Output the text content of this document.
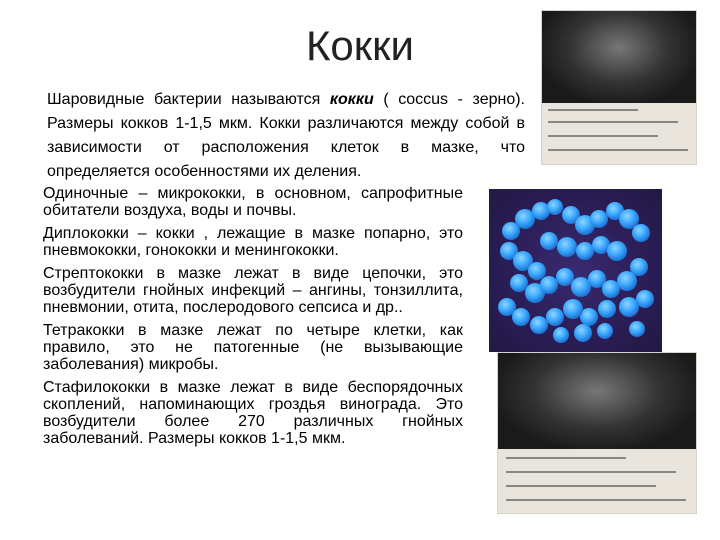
Кокки
Шаровидные бактерии называются кокки ( coccus - зерно). Размеры кокков 1-1,5 мкм. Кокки различаются между собой в зависимости от расположения клеток в мазке, что определяется особенностями их деления.
Одиночные – микрококки, в основном, сапрофитные обитатели воздуха, воды и почвы.
Диплококки – кокки , лежащие в мазке попарно, это пневмококки, гонококки и менингококки.
Стрептококки в мазке лежат в виде цепочки, это возбудители гнойных инфекций – ангины, тонзиллита, пневмонии, отита, послеродового сепсиса и др..
Тетракокки в мазке лежат по четыре клетки, как правило, это не патогенные (не вызывающие заболевания) микробы.
Стафилококки в мазке лежат в виде беспорядочных скоплений, напоминающих гроздья винограда. Это возбудители более 270 различных гнойных заболеваний. Размеры кокков 1-1,5 мкм.
